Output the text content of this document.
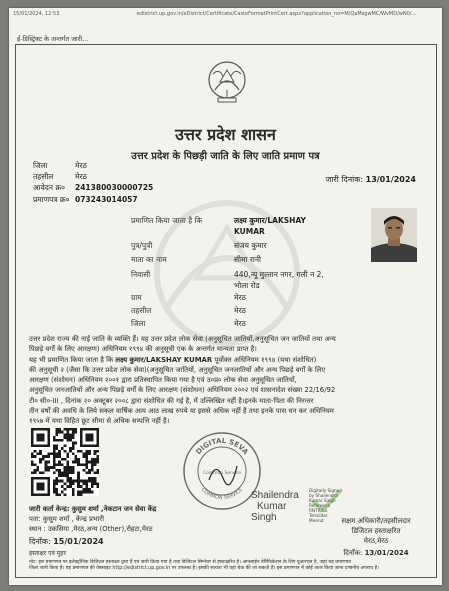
15/01/2024, 12:53	edistrict.up.gov.in/eDistrict/Certificate/CasteFormatPrintCert.aspx?application_no=M/QaMzgwMC/WvMD/wN0/...
ई-डिस्ट्रिक्ट के अन्तर्गत जारी...
उत्तर प्रदेश शासन
उत्तर प्रदेश के पिछड़ी जाति के लिए जाति प्रमाण पत्र
जिला	मेरठ
तहसील	मेरठ
आवेदन क्र० 241380030000725
प्रमाणपत्र क्र० 073243014057
जारी दिनांक: 13/01/2024
प्रमाणित किया जाता है कि	लक्ष्य कुमार/LAKSHAY
KUMAR
पुत्र/पुत्री	संजय कुमार
माता का नाम	सीमा रानी
निवासी	440,न्यू मुल्तान नगर, गली न 2,
भोला रोड
ग्राम	मेरठ
तहसील	मेरठ
जिला	मेरठ
उत्तर प्रदेश राज्य की नाई जाति के व्यक्ति हैं। यह उत्तर प्रदेश लोक सेवा (अनुसूचित जातियों,अनुसूचित जन जातियों तथा अन्य
पिछड़े वर्गों के लिए आरक्षण) अधिनियम १९९४ की अनुसूची एक के अन्तर्गत मान्यता प्राप्त है।
यह भी प्रमाणित किया जाता है कि लक्ष्य कुमार/LAKSHAY KUMAR पूर्वोक्त अधिनियम १९९४ (यथा संशोधित)
की अनुसूची २ (जैसा कि उत्तर प्रदेश लोक सेवा)(अनुसूचित जातियों, अनुसूचित जनजातियों और अन्य पिछड़े वर्गों के लिए
आरक्षण (संशोधन) अधिनियम २००१ द्वारा प्रतिस्थापित किया गया है एवं उ०प्र० लोक सेवा अनुसूचित जातियों,
अनुसूचित जनजातियों और अन्य पिछड़े वर्गों के लिए आरक्षण (संशोधन) अधिनियम २००२ एवं शासनादेश संख्या 22/16/92
टी० सी०-III , दिनांक २० अक्टूबर २००८ द्वारा संशोधित की गई है, में उल्लिखित नहीं है।इनके माता-पिता की निरन्तर
तीन वर्षों की अवधि के लिये सकल वार्षिक आय आठ लाख रुपये या इससे अधिक नहीं है तथा इनके पास धन कर अधिनियम
१९५७ में यथा विहित छूट सीमा से अधिक सम्पत्ति नहीं है।
DIGITAL SEVA
COMMON SERVICE
Common Service
Shailendra
Kumar
Singh
Digitally Signed
by Shailendra
Kumar Singh
Reference
RNTR/Co
Tehsildar
Meerut
जारी कर्ता केन्द्र: कुसुम शर्मा ,नेकटान जन सेवा केंद्र
पता: कुसुम शर्मा , केन्द्र प्रभारी
स्थान : उकसिया ,मेरठ,अन्य (Other),रोहटा,मेरठ
दिनाँक: 15/01/2024
हस्ताक्षर एवं मुहर
सक्षम अधिकारी/तहसीलदार
डिजिटल हस्ताक्षरित
मेरठ,मेरठ
दिनाँक: 13/01/2024
नोट: इस प्रमाणपत्र पर इलेक्ट्रॉनिक डिजिटल हस्ताक्षर द्वारा हैं एवं जारी किया गया है तथा डिजिटल सिग्नेचर से हस्ताक्षरित है। आनलाईन वेरिफिकेशन के लिए यूआरएल है, जहां यह प्रमाणपत्र
जिला जारी किया है। यह प्रमाणपत्र की वेबसाइट http://edistrict.up.gov.in पर उपलब्ध है। इसकी सत्यता भी वहां चेक की जा सकती है। इस प्रमाणपत्र में कोई अंतर किया जाना दण्डनीय अपराध है।
